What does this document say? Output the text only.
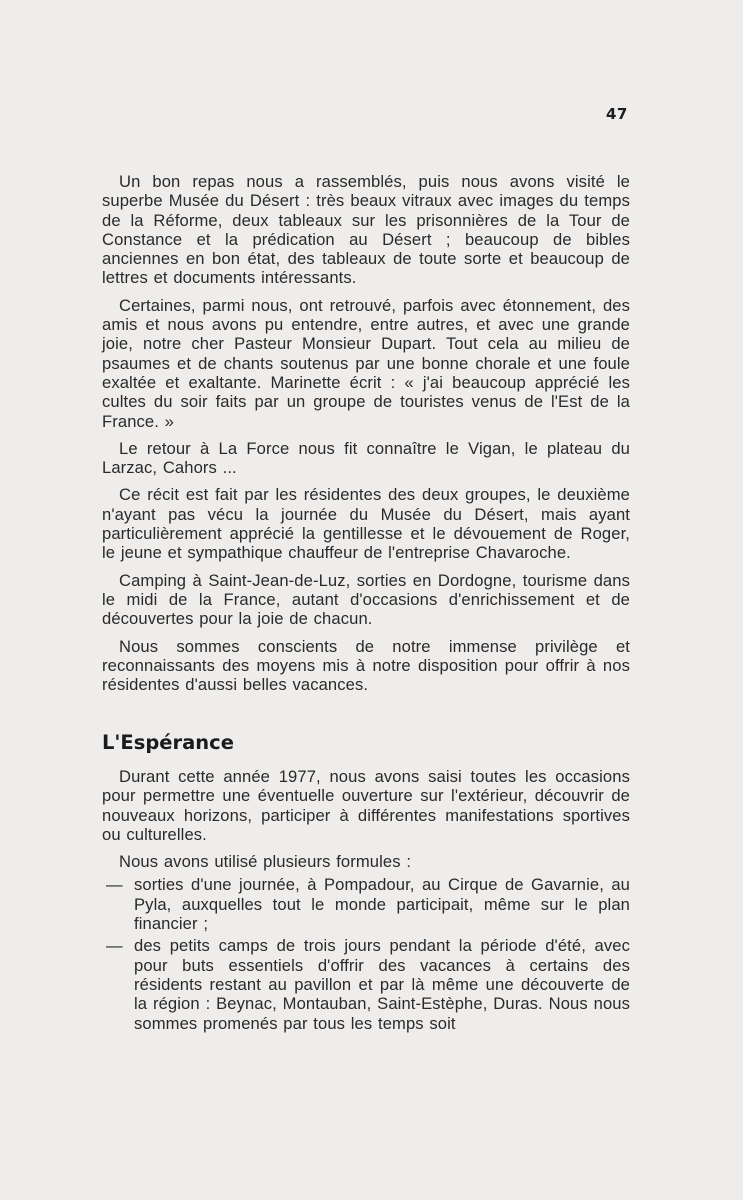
47

Un bon repas nous a rassemblés, puis nous avons visité le superbe Musée du Désert : très beaux vitraux avec images du temps de la Réforme, deux tableaux sur les prisonnières de la Tour de Constance et la prédication au Désert ; beaucoup de bibles anciennes en bon état, des tableaux de toute sorte et beaucoup de lettres et documents intéressants.

Certaines, parmi nous, ont retrouvé, parfois avec étonnement, des amis et nous avons pu entendre, entre autres, et avec une grande joie, notre cher Pasteur Monsieur Dupart. Tout cela au milieu de psaumes et de chants soutenus par une bonne chorale et une foule exaltée et exaltante. Marinette écrit : « j'ai beaucoup apprécié les cultes du soir faits par un groupe de touristes venus de l'Est de la France. »

Le retour à La Force nous fit connaître le Vigan, le plateau du Larzac, Cahors ...

Ce récit est fait par les résidentes des deux groupes, le deuxième n'ayant pas vécu la journée du Musée du Désert, mais ayant particulièrement apprécié la gentillesse et le dévouement de Roger, le jeune et sympathique chauffeur de l'entreprise Chavaroche.

Camping à Saint-Jean-de-Luz, sorties en Dordogne, tourisme dans le midi de la France, autant d'occasions d'enrichissement et de découvertes pour la joie de chacun.

Nous sommes conscients de notre immense privilège et reconnaissants des moyens mis à notre disposition pour offrir à nos résidentes d'aussi belles vacances.

L'Espérance

Durant cette année 1977, nous avons saisi toutes les occasions pour permettre une éventuelle ouverture sur l'extérieur, découvrir de nouveaux horizons, participer à différentes manifestations sportives ou culturelles.

Nous avons utilisé plusieurs formules :

— sorties d'une journée, à Pompadour, au Cirque de Gavarnie, au Pyla, auxquelles tout le monde participait, même sur le plan financier ;
— des petits camps de trois jours pendant la période d'été, avec pour buts essentiels d'offrir des vacances à certains des résidents restant au pavillon et par là même une découverte de la région : Beynac, Montauban, Saint-Estèphe, Duras. Nous nous sommes promenés par tous les temps soit
